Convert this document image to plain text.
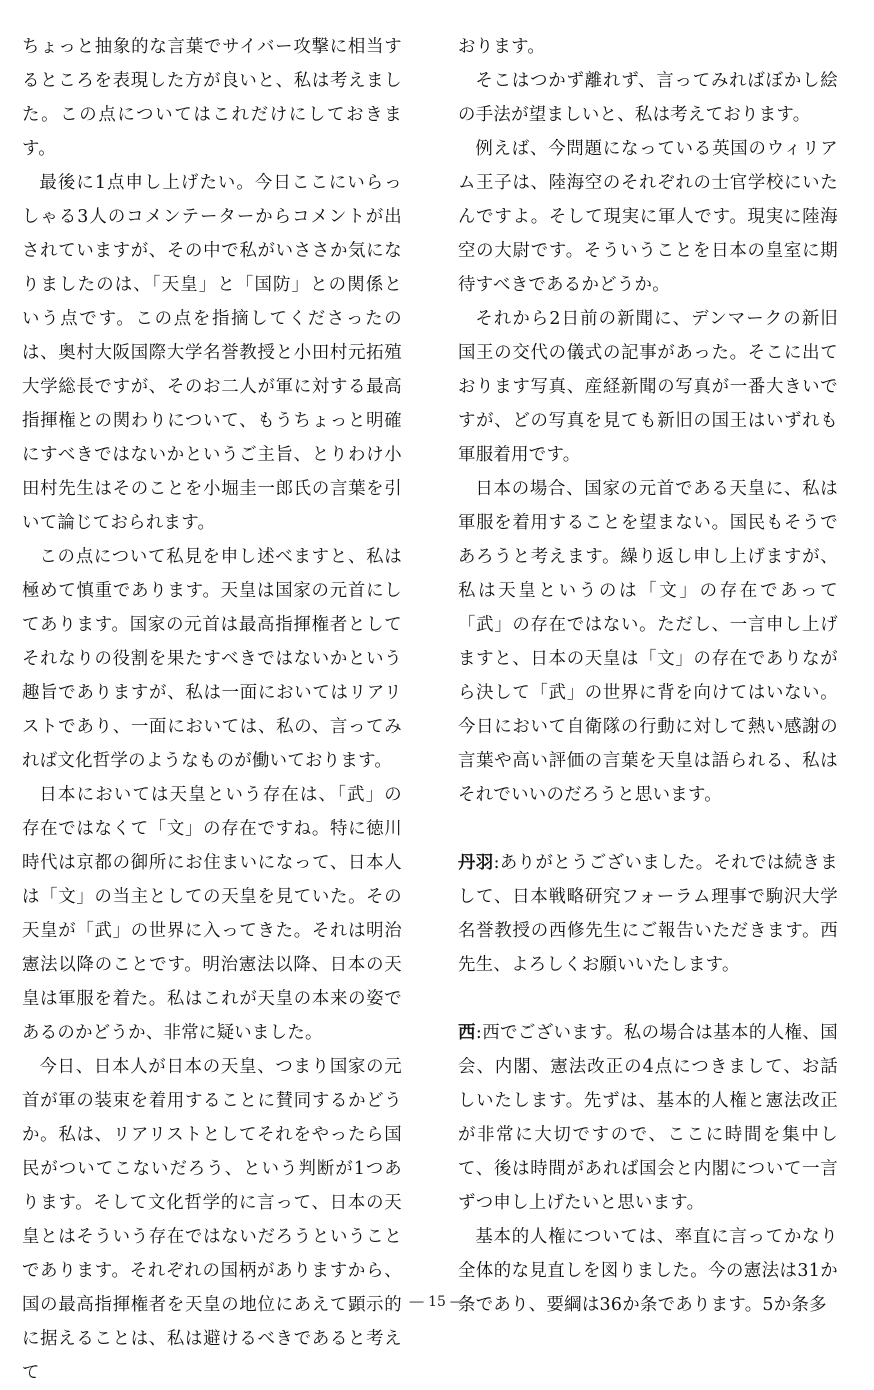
ちょっと抽象的な言葉でサイバー攻撃に相当するところを表現した方が良いと、私は考えました。この点についてはこれだけにしておきます。

最後に1点申し上げたい。今日ここにいらっしゃる3人のコメンテーターからコメントが出されていますが、その中で私がいささか気になりましたのは、「天皇」と「国防」との関係という点です。この点を指摘してくださったのは、奥村大阪国際大学名誉教授と小田村元拓殖大学総長ですが、そのお二人が軍に対する最高指揮権との関わりについて、もうちょっと明確にすべきではないかというご主旨、とりわけ小田村先生はそのことを小堀圭一郎氏の言葉を引いて論じておられます。

この点について私見を申し述べますと、私は極めて慎重であります。天皇は国家の元首にしてあります。国家の元首は最高指揮権者としてそれなりの役割を果たすべきではないかという趣旨でありますが、私は一面においてはリアリストであり、一面においては、私の、言ってみれば文化哲学のようなものが働いております。

日本においては天皇という存在は、「武」の存在ではなくて「文」の存在ですね。特に徳川時代は京都の御所にお住まいになって、日本人は「文」の当主としての天皇を見ていた。その天皇が「武」の世界に入ってきた。それは明治憲法以降のことです。明治憲法以降、日本の天皇は軍服を着た。私はこれが天皇の本来の姿であるのかどうか、非常に疑いました。

今日、日本人が日本の天皇、つまり国家の元首が軍の装束を着用することに賛同するかどうか。私は、リアリストとしてそれをやったら国民がついてこないだろう、という判断が1つあります。そして文化哲学的に言って、日本の天皇とはそういう存在ではないだろうということであります。それぞれの国柄がありますから、国の最高指揮権者を天皇の地位にあえて顕示的に据えることは、私は避けるべきであると考えて

おります。

そこはつかず離れず、言ってみればぼかし絵の手法が望ましいと、私は考えております。

例えば、今問題になっている英国のウィリアム王子は、陸海空のそれぞれの士官学校にいたんですよ。そして現実に軍人です。現実に陸海空の大尉です。そういうことを日本の皇室に期待すべきであるかどうか。

それから2日前の新聞に、デンマークの新旧国王の交代の儀式の記事があった。そこに出ております写真、産経新聞の写真が一番大きいですが、どの写真を見ても新旧の国王はいずれも軍服着用です。

日本の場合、国家の元首である天皇に、私は軍服を着用することを望まない。国民もそうであろうと考えます。繰り返し申し上げますが、私は天皇というのは「文」の存在であって「武」の存在ではない。ただし、一言申し上げますと、日本の天皇は「文」の存在でありながら決して「武」の世界に背を向けてはいない。今日において自衛隊の行動に対して熱い感謝の言葉や高い評価の言葉を天皇は語られる、私はそれでいいのだろうと思います。

丹羽:ありがとうございました。それでは続きまして、日本戦略研究フォーラム理事で駒沢大学名誉教授の西修先生にご報告いただきます。西先生、よろしくお願いいたします。

西:西でございます。私の場合は基本的人権、国会、内閣、憲法改正の4点につきまして、お話しいたします。先ずは、基本的人権と憲法改正が非常に大切ですので、ここに時間を集中して、後は時間があれば国会と内閣について一言ずつ申し上げたいと思います。

基本的人権については、率直に言ってかなり全体的な見直しを図りました。今の憲法は31か条であり、要綱は36か条であります。5か条多

― 15 ―
